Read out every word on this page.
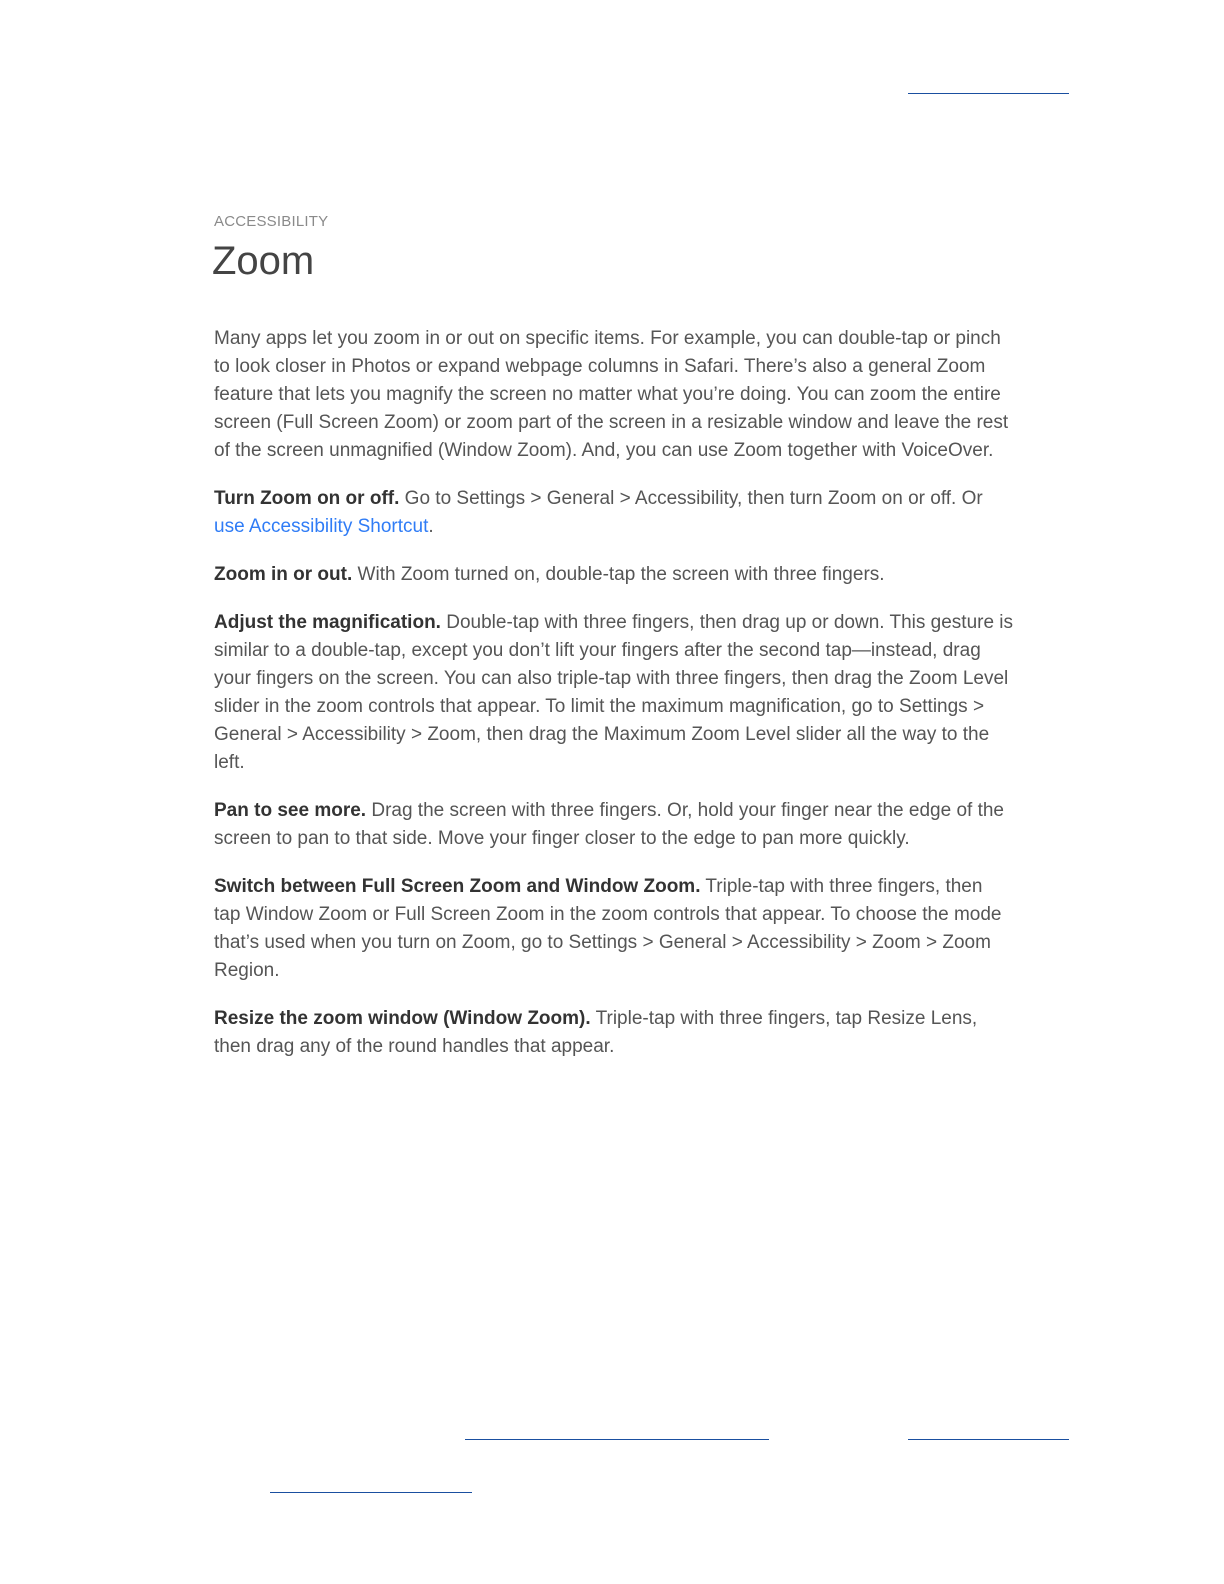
ACCESSIBILITY

Zoom

Many apps let you zoom in or out on specific items. For example, you can double-tap or pinch to look closer in Photos or expand webpage columns in Safari. There’s also a general Zoom feature that lets you magnify the screen no matter what you’re doing. You can zoom the entire screen (Full Screen Zoom) or zoom part of the screen in a resizable window and leave the rest of the screen unmagnified (Window Zoom). And, you can use Zoom together with VoiceOver.

Turn Zoom on or off. Go to Settings > General > Accessibility, then turn Zoom on or off. Or use Accessibility Shortcut.

Zoom in or out. With Zoom turned on, double-tap the screen with three fingers.

Adjust the magnification. Double-tap with three fingers, then drag up or down. This gesture is similar to a double-tap, except you don’t lift your fingers after the second tap—instead, drag your fingers on the screen. You can also triple-tap with three fingers, then drag the Zoom Level slider in the zoom controls that appear. To limit the maximum magnification, go to Settings > General > Accessibility > Zoom, then drag the Maximum Zoom Level slider all the way to the left.

Pan to see more. Drag the screen with three fingers. Or, hold your finger near the edge of the screen to pan to that side. Move your finger closer to the edge to pan more quickly.

Switch between Full Screen Zoom and Window Zoom. Triple-tap with three fingers, then tap Window Zoom or Full Screen Zoom in the zoom controls that appear. To choose the mode that’s used when you turn on Zoom, go to Settings > General > Accessibility > Zoom > Zoom Region.

Resize the zoom window (Window Zoom). Triple-tap with three fingers, tap Resize Lens, then drag any of the round handles that appear.
